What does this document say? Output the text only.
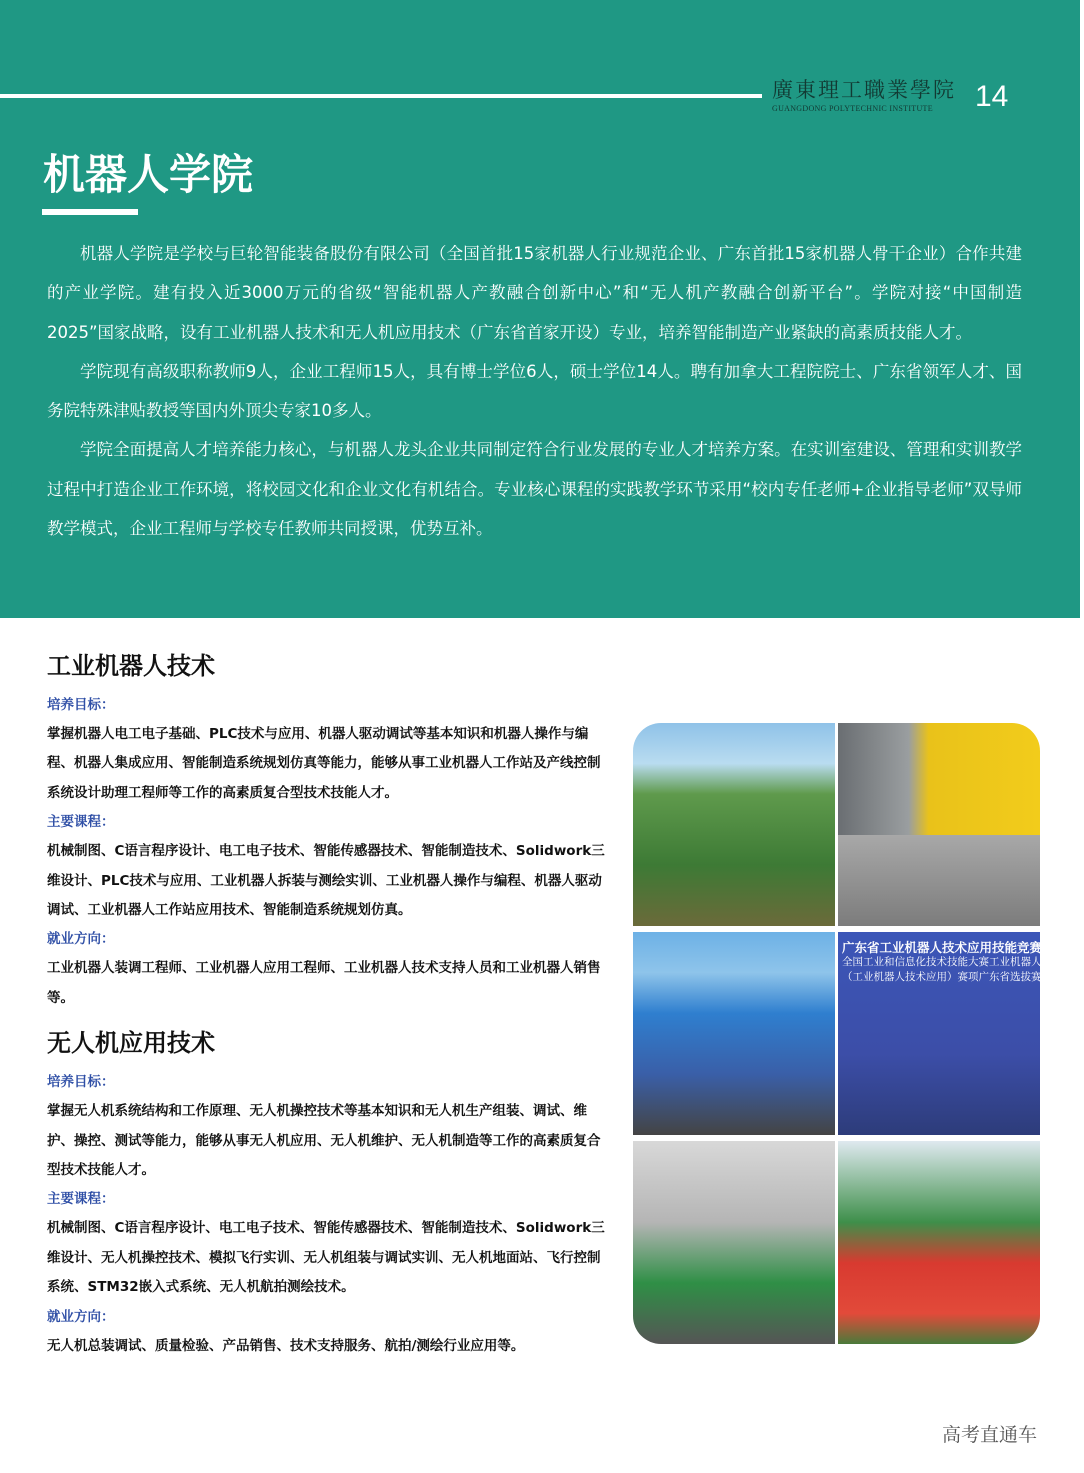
廣東理工職業學院
GUANGDONG POLYTECHNIC INSTITUTE	14
机器人学院

机器人学院是学校与巨轮智能装备股份有限公司（全国首批15家机器人行业规范企业、广东首批15家机器人骨干企业）合作共建的产业学院。建有投入近3000万元的省级“智能机器人产教融合创新中心”和“无人机产教融合创新平台”。学院对接“中国制造2025”国家战略，设有工业机器人技术和无人机应用技术（广东省首家开设）专业，培养智能制造产业紧缺的高素质技能人才。

学院现有高级职称教师9人，企业工程师15人，具有博士学位6人，硕士学位14人。聘有加拿大工程院院士、广东省领军人才、国务院特殊津贴教授等国内外顶尖专家10多人。

学院全面提高人才培养能力核心，与机器人龙头企业共同制定符合行业发展的专业人才培养方案。在实训室建设、管理和实训教学过程中打造企业工作环境，将校园文化和企业文化有机结合。专业核心课程的实践教学环节采用“校内专任老师+企业指导老师”双导师教学模式，企业工程师与学校专任教师共同授课，优势互补。

工业机器人技术
培养目标：
掌握机器人电工电子基础、PLC技术与应用、机器人驱动调试等基本知识和机器人操作与编程、机器人集成应用、智能制造系统规划仿真等能力，能够从事工业机器人工作站及产线控制系统设计助理工程师等工作的高素质复合型技术技能人才。
主要课程：
机械制图、C语言程序设计、电工电子技术、智能传感器技术、智能制造技术、Solidwork三维设计、PLC技术与应用、工业机器人拆装与测绘实训、工业机器人操作与编程、机器人驱动调试、工业机器人工作站应用技术、智能制造系统规划仿真。
就业方向：
工业机器人装调工程师、工业机器人应用工程师、工业机器人技术支持人员和工业机器人销售等。
无人机应用技术
培养目标：
掌握无人机系统结构和工作原理、无人机操控技术等基本知识和无人机生产组装、调试、维护、操控、测试等能力，能够从事无人机应用、无人机维护、无人机制造等工作的高素质复合型技术技能人才。
主要课程：
机械制图、C语言程序设计、电工电子技术、智能传感器技术、智能制造技术、Solidwork三维设计、无人机操控技术、模拟飞行实训、无人机组装与调试实训、无人机地面站、飞行控制系统、STM32嵌入式系统、无人机航拍测绘技术。
就业方向：
无人机总装调试、质量检验、产品销售、技术支持服务、航拍/测绘行业应用等。
广东省工业机器人技术应用技能竞赛
全国工业和信息化技术技能大赛工业机器人系统运维
（工业机器人技术应用）赛项广东省选拔赛
高考直通车
